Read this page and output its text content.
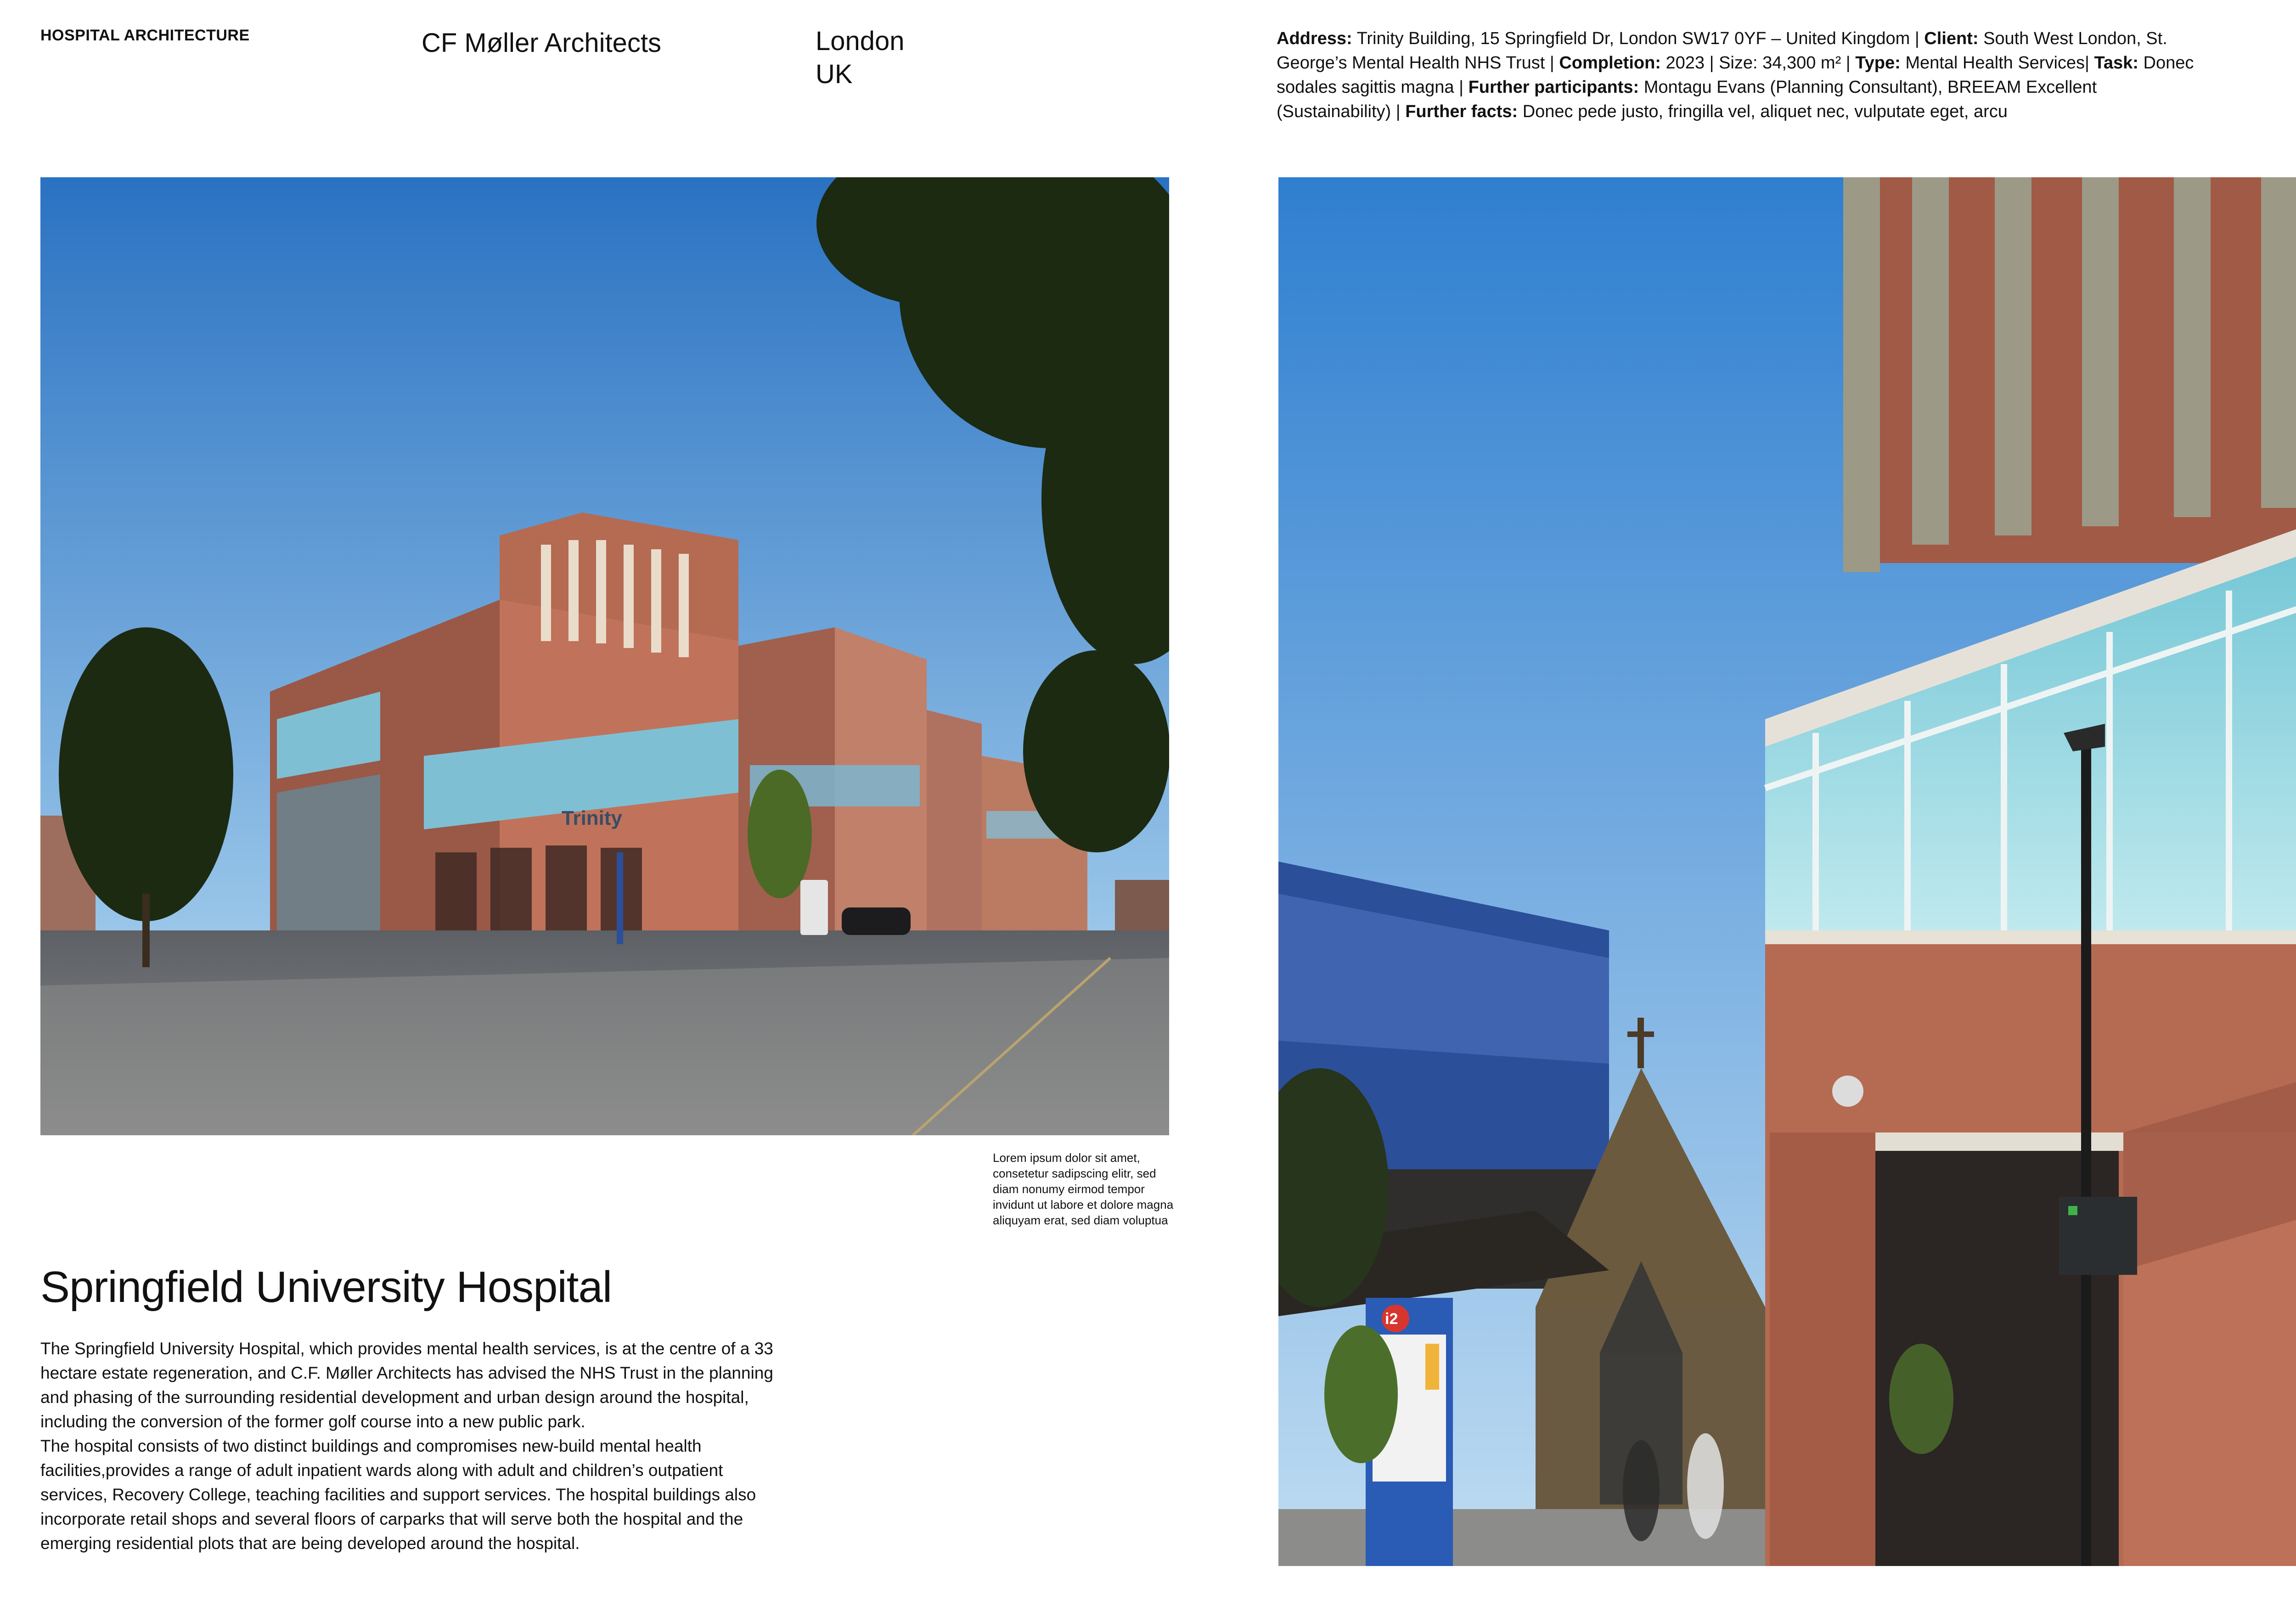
HOSPITAL ARCHITECTURE	CF Møller Architects	London
UK
Address: Trinity Building, 15 Springfield Dr, London SW17 0YF – United Kingdom | Client: South West London, St. George’s Mental Health NHS Trust | Completion: 2023 | Size: 34,300 m² | Type: Mental Health Services| Task: Donec sodales sagittis magna | Further participants: Montagu Evans (Planning Consultant), BREEAM Excellent (Sustainability) | Further facts: Donec pede justo, fringilla vel, aliquet nec, vulputate eget, arcu
Trinity
Lorem ipsum dolor sit amet, consetetur sadipscing elitr, sed diam nonumy eirmod tempor invidunt ut labore et dolore magna aliquyam erat, sed diam voluptua
i2
Springfield University Hospital

The Springfield University Hospital, which provides mental health services, is at the centre of a 33 hectare estate regeneration, and C.F. Møller Architects has advised the NHS Trust in the planning and phasing of the surrounding residential development and urban design around the hospital, including the conversion of the former golf course into a new public park.

The hospital consists of two distinct buildings and compromises new-build mental health facilities,provides a range of adult inpatient wards along with adult and children’s outpatient services, Recovery College, teaching facilities and support services. The hospital buildings also incorporate retail shops and several floors of carparks that will serve both the hospital and the emerging residential plots that are being developed around the hospital.
